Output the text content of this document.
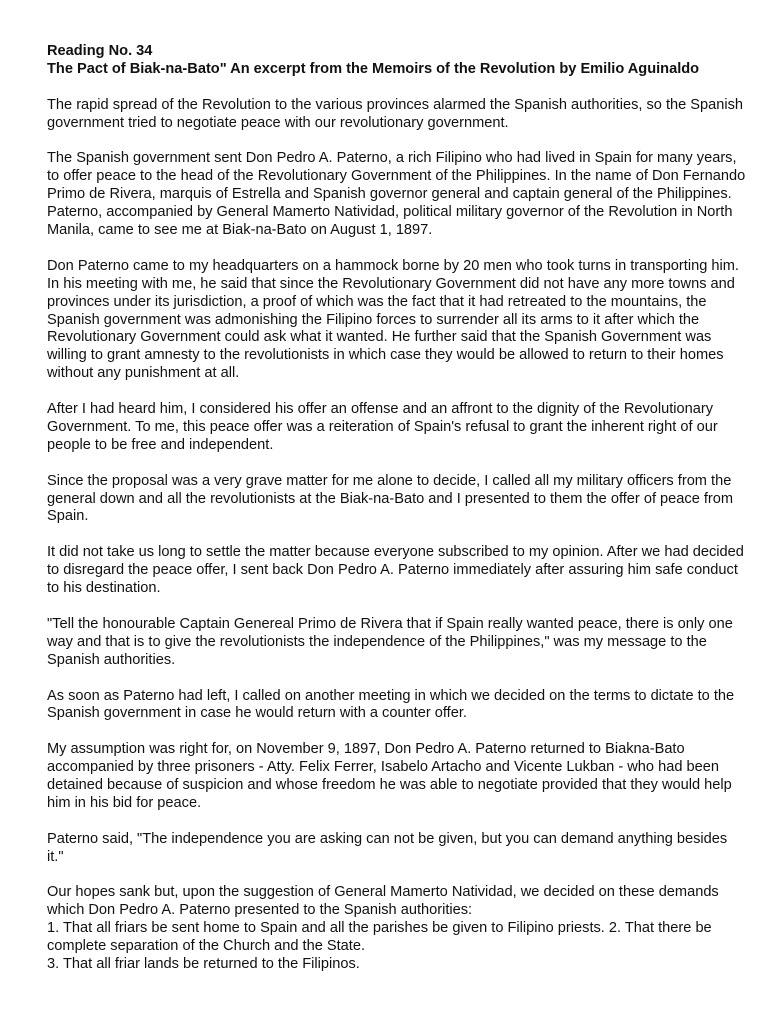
Reading No. 34

The Pact of Biak-na-Bato" An excerpt from the Memoirs of the Revolution by Emilio Aguinaldo

The rapid spread of the Revolution to the various provinces alarmed the Spanish authorities, so the Spanish government tried to negotiate peace with our revolutionary government.

The Spanish government sent Don Pedro A. Paterno, a rich Filipino who had lived in Spain for many years, to offer peace to the head of the Revolutionary Government of the Philippines. In the name of Don Fernando Primo de Rivera, marquis of Estrella and Spanish governor general and captain general of the Philippines. Paterno, accompanied by General Mamerto Natividad, political military governor of the Revolution in North Manila, came to see me at Biak-na-Bato on August 1, 1897.

Don Paterno came to my headquarters on a hammock borne by 20 men who took turns in transporting him. In his meeting with me, he said that since the Revolutionary Government did not have any more towns and provinces under its jurisdiction, a proof of which was the fact that it had retreated to the mountains, the Spanish government was admonishing the Filipino forces to surrender all its arms to it after which the Revolutionary Government could ask what it wanted. He further said that the Spanish Government was willing to grant amnesty to the revolutionists in which case they would be allowed to return to their homes without any punishment at all.

After I had heard him, I considered his offer an offense and an affront to the dignity of the Revolutionary Government. To me, this peace offer was a reiteration of Spain's refusal to grant the inherent right of our people to be free and independent.

Since the proposal was a very grave matter for me alone to decide, I called all my military officers from the general down and all the revolutionists at the Biak-na-Bato and I presented to them the offer of peace from Spain.

It did not take us long to settle the matter because everyone subscribed to my opinion. After we had decided to disregard the peace offer, I sent back Don Pedro A. Paterno immediately after assuring him safe conduct to his destination.

"Tell the honourable Captain Genereal Primo de Rivera that if Spain really wanted peace, there is only one way and that is to give the revolutionists the independence of the Philippines," was my message to the Spanish authorities.

As soon as Paterno had left, I called on another meeting in which we decided on the terms to dictate to the Spanish government in case he would return with a counter offer.

My assumption was right for, on November 9, 1897, Don Pedro A. Paterno returned to Biakna-Bato accompanied by three prisoners - Atty. Felix Ferrer, Isabelo Artacho and Vicente Lukban - who had been detained because of suspicion and whose freedom he was able to negotiate provided that they would help him in his bid for peace.

Paterno said, "The independence you are asking can not be given, but you can demand anything besides it."

Our hopes sank but, upon the suggestion of General Mamerto Natividad, we decided on these demands which Don Pedro A. Paterno presented to the Spanish authorities:

1. That all friars be sent home to Spain and all the parishes be given to Filipino priests. 2. That there be complete separation of the Church and the State.

3. That all friar lands be returned to the Filipinos.
